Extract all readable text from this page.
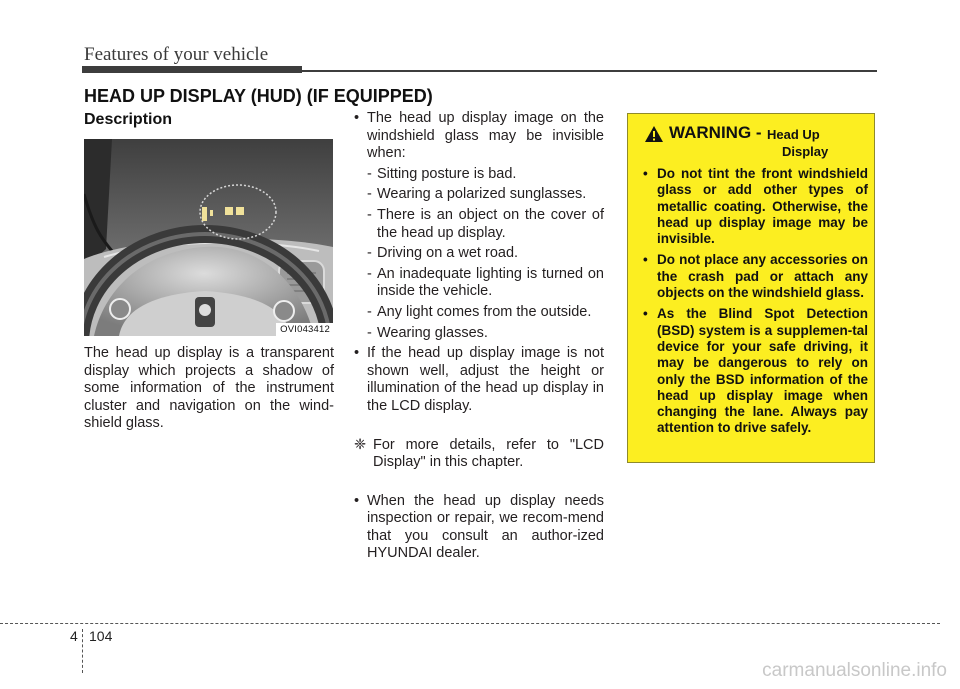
Features of your vehicle
HEAD UP DISPLAY (HUD) (IF EQUIPPED)
Description
OVI043412
The head up display is a transparent display which projects a shadow of some information of the instrument cluster and navigation on the wind-shield glass.
• The head up display image on the windshield glass may be invisible when:
- Sitting posture is bad.
- Wearing a polarized sunglasses.
- There is an object on the cover of the head up display.
- Driving on a wet road.
- An inadequate lighting is turned on inside the vehicle.
- Any light comes from the outside.
- Wearing glasses.
• If the head up display image is not shown well, adjust the height or illumination of the head up display in the LCD display.
❈ For more details, refer to "LCD Display" in this chapter.
• When the head up display needs inspection or repair, we recom-mend that you consult an author-ized HYUNDAI dealer.
WARNING - Head Up
Display
• Do not tint the front windshield glass or add other types of metallic coating. Otherwise, the head up display image may be invisible.
• Do not place any accessories on the crash pad or attach any objects on the windshield glass.
• As the Blind Spot Detection (BSD) system is a supplemen-tal device for your safe driving, it may be dangerous to rely on only the BSD information of the head up display image when changing the lane. Always pay attention to drive safely.
4 104
carmanualsonline.info
